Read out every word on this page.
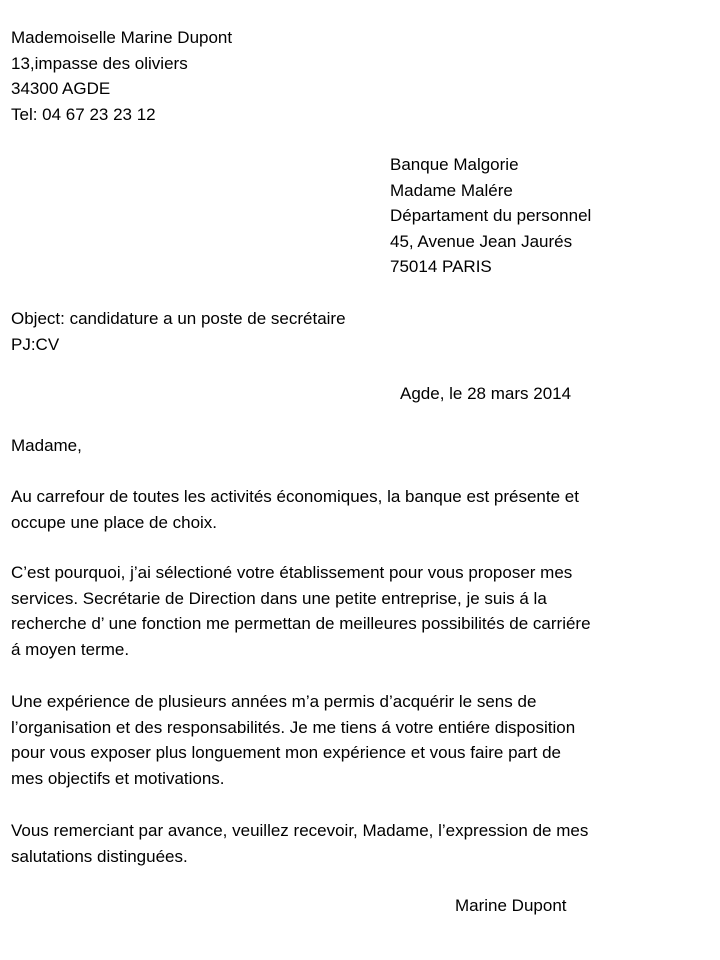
Mademoiselle Marine Dupont
13,impasse des oliviers
34300 AGDE
Tel: 04 67 23 23 12
Banque Malgorie
Madame Malére
Départament du personnel
45, Avenue Jean Jaurés
75014 PARIS
Object: candidature a un poste de secrétaire
PJ:CV

Agde, le 28 mars 2014

Madame,

Au carrefour de toutes les activités économiques, la banque est présente et
occupe une place de choix.
C’est pourquoi, j’ai sélectioné votre établissement pour vous proposer mes
services. Secrétarie de Direction dans une petite entreprise, je suis á la
recherche d’ une fonction me permettan de meilleures possibilités de carriére
á moyen terme.
Une expérience de plusieurs années m’a permis d’acquérir le sens de
l’organisation et des responsabilités. Je me tiens á votre entiére disposition
pour vous exposer plus longuement mon expérience et vous faire part de
mes objectifs et motivations.
Vous remerciant par avance, veuillez recevoir, Madame, l’expression de mes
salutations distinguées.

Marine Dupont
